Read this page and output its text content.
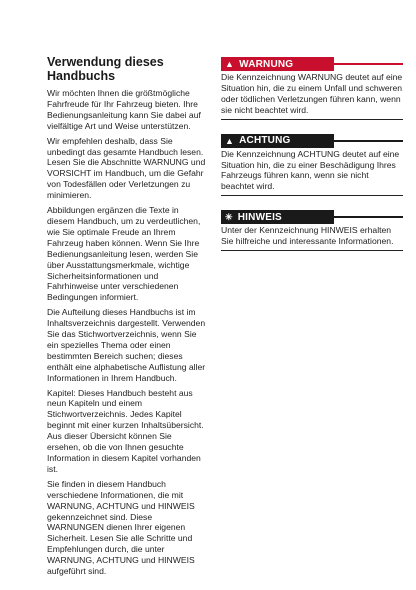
Verwendung dieses Handbuchs

Wir möchten Ihnen die größtmögliche Fahrfreude für Ihr Fahrzeug bieten. Ihre Bedienungsanleitung kann Sie dabei auf vielfältige Art und Weise unterstützen.

Wir empfehlen deshalb, dass Sie unbedingt das gesamte Handbuch lesen. Lesen Sie die Abschnitte WARNUNG und VORSICHT im Handbuch, um die Gefahr von Todesfällen oder Verletzungen zu minimieren.

Abbildungen ergänzen die Texte in diesem Handbuch, um zu verdeutlichen, wie Sie optimale Freude an Ihrem Fahrzeug haben können. Wenn Sie Ihre Bedienungsanleitung lesen, werden Sie über Ausstattungsmerkmale, wichtige Sicherheitsinformationen und Fahrhinweise unter verschiedenen Bedingungen informiert.

Die Aufteilung dieses Handbuchs ist im Inhaltsverzeichnis dargestellt. Verwenden Sie das Stichwortverzeichnis, wenn Sie ein spezielles Thema oder einen bestimmten Bereich suchen; dieses enthält eine alphabetische Auflistung aller Informationen in Ihrem Handbuch.

Kapitel: Dieses Handbuch besteht aus neun Kapiteln und einem Stichwortverzeichnis. Jedes Kapitel beginnt mit einer kurzen Inhaltsübersicht. Aus dieser Übersicht können Sie ersehen, ob die von Ihnen gesuchte Information in diesem Kapitel vorhanden ist.

Sie finden in diesem Handbuch verschiedene Informationen, die mit WARNUNG, ACHTUNG und HINWEIS gekennzeichnet sind. Diese WARNUNGEN dienen Ihrer eigenen Sicherheit. Lesen Sie alle Schritte und Empfehlungen durch, die unter WARNUNG, ACHTUNG und HINWEIS aufgeführt sind.

▲ WARNUNG
Die Kennzeichnung WARNUNG deutet auf eine Situation hin, die zu einem Unfall und schweren oder tödlichen Verletzungen führen kann, wenn sie nicht beachtet wird.
▲ ACHTUNG
Die Kennzeichnung ACHTUNG deutet auf eine Situation hin, die zu einer Beschädigung Ihres Fahrzeugs führen kann, wenn sie nicht beachtet wird.
✳ HINWEIS
Unter der Kennzeichnung HINWEIS erhalten Sie hilfreiche und interessante Informationen.
